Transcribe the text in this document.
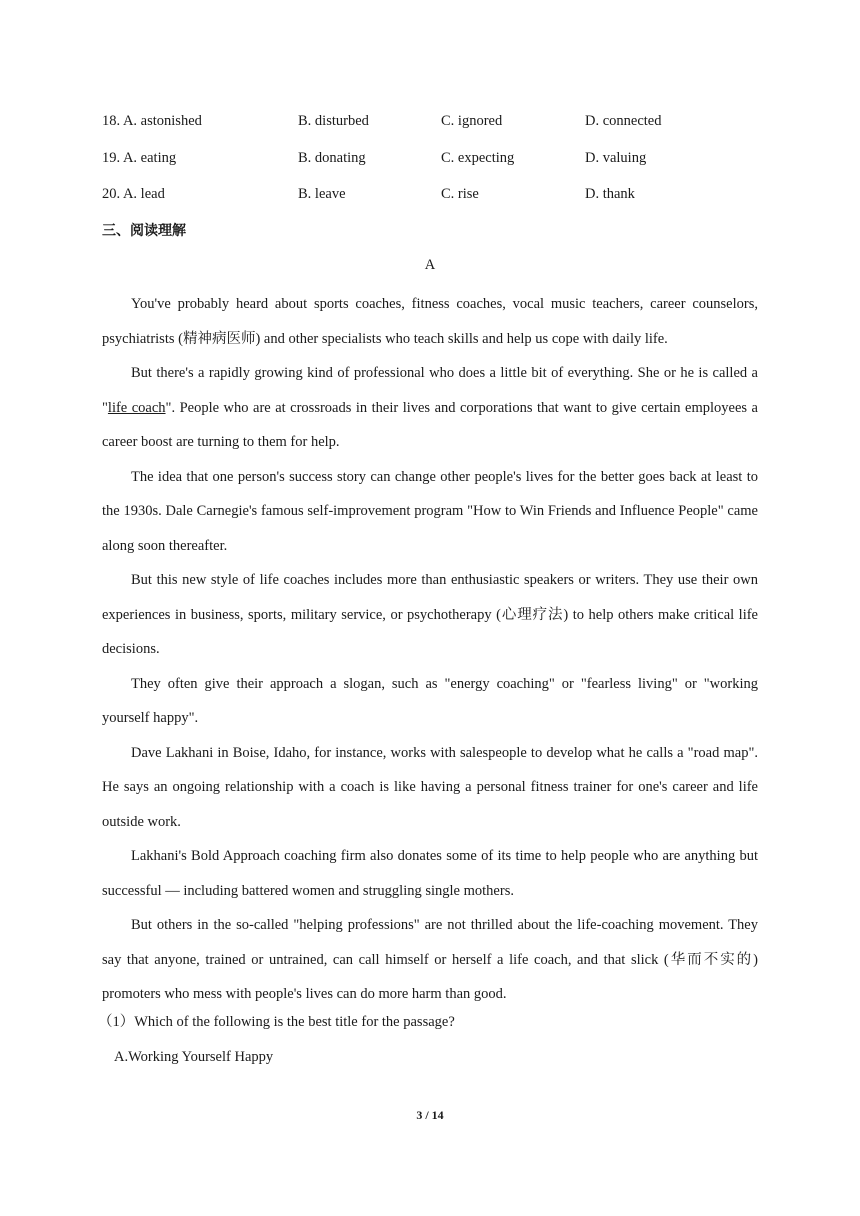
18. A. astonished	B. disturbed	C. ignored	D. connected
19. A. eating	B. donating	C. expecting	D. valuing
20. A. lead	B. leave	C. rise	D. thank
三、阅读理解
A

You've probably heard about sports coaches, fitness coaches, vocal music teachers, career counselors, psychiatrists (精神病医师) and other specialists who teach skills and help us cope with daily life.

But there's a rapidly growing kind of professional who does a little bit of everything. She or he is called a "life coach". People who are at crossroads in their lives and corporations that want to give certain employees a career boost are turning to them for help.

The idea that one person's success story can change other people's lives for the better goes back at least to the 1930s. Dale Carnegie's famous self-improvement program "How to Win Friends and Influence People" came along soon thereafter.

But this new style of life coaches includes more than enthusiastic speakers or writers. They use their own experiences in business, sports, military service, or psychotherapy (心理疗法) to help others make critical life decisions.

They often give their approach a slogan, such as "energy coaching" or "fearless living" or "working yourself happy".

Dave Lakhani in Boise, Idaho, for instance, works with salespeople to develop what he calls a "road map". He says an ongoing relationship with a coach is like having a personal fitness trainer for one's career and life outside work.

Lakhani's Bold Approach coaching firm also donates some of its time to help people who are anything but successful — including battered women and struggling single mothers.

But others in the so-called "helping professions" are not thrilled about the life-coaching movement. They say that anyone, trained or untrained, can call himself or herself a life coach, and that slick (华而不实的) promoters who mess with people's lives can do more harm than good.

（1）Which of the following is the best title for the passage?
A.Working Yourself Happy
3 / 14
